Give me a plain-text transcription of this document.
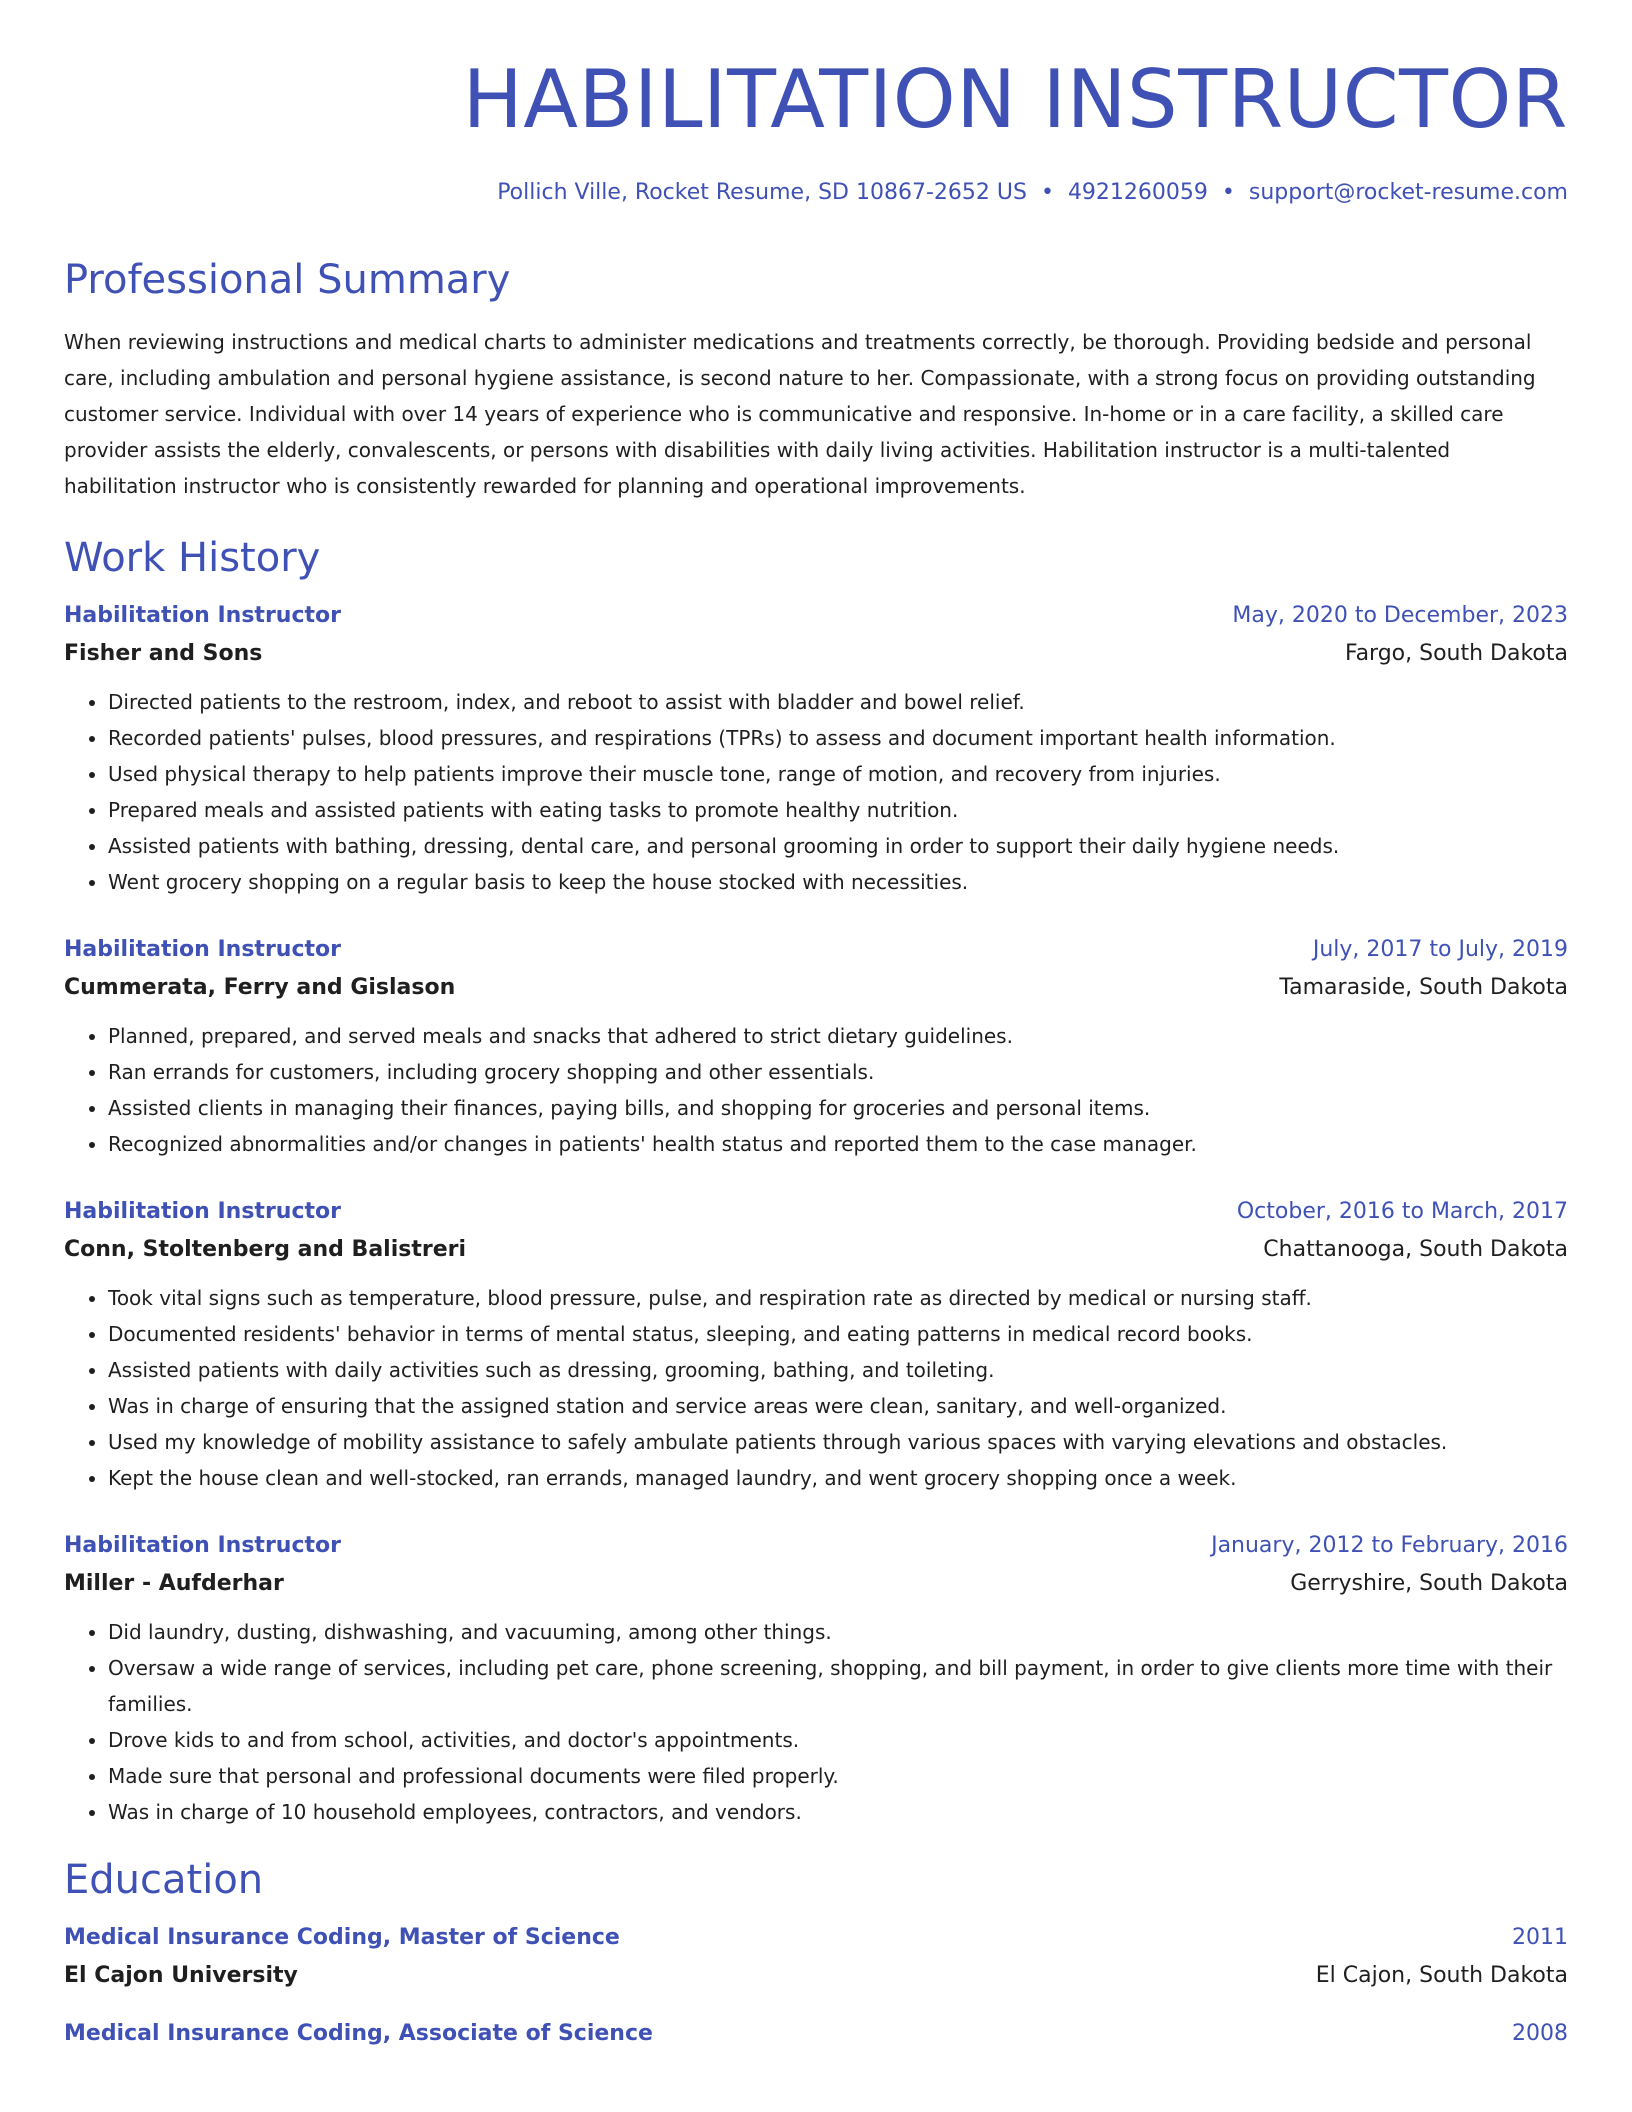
HABILITATION INSTRUCTOR
Pollich Ville, Rocket Resume, SD 10867-2652 US • 4921260059 • support@rocket-resume.com
Professional Summary
When reviewing instructions and medical charts to administer medications and treatments correctly, be thorough. Providing bedside and personal care, including ambulation and personal hygiene assistance, is second nature to her. Compassionate, with a strong focus on providing outstanding customer service. Individual with over 14 years of experience who is communicative and responsive. In-home or in a care facility, a skilled care provider assists the elderly, convalescents, or persons with disabilities with daily living activities. Habilitation instructor is a multi-talented habilitation instructor who is consistently rewarded for planning and operational improvements.
Work History
Habilitation Instructor	May, 2020 to December, 2023
Fisher and Sons	Fargo, South Dakota
• Directed patients to the restroom, index, and reboot to assist with bladder and bowel relief.
• Recorded patients' pulses, blood pressures, and respirations (TPRs) to assess and document important health information.
• Used physical therapy to help patients improve their muscle tone, range of motion, and recovery from injuries.
• Prepared meals and assisted patients with eating tasks to promote healthy nutrition.
• Assisted patients with bathing, dressing, dental care, and personal grooming in order to support their daily hygiene needs.
• Went grocery shopping on a regular basis to keep the house stocked with necessities.
Habilitation Instructor	July, 2017 to July, 2019
Cummerata, Ferry and Gislason	Tamaraside, South Dakota
• Planned, prepared, and served meals and snacks that adhered to strict dietary guidelines.
• Ran errands for customers, including grocery shopping and other essentials.
• Assisted clients in managing their finances, paying bills, and shopping for groceries and personal items.
• Recognized abnormalities and/or changes in patients' health status and reported them to the case manager.
Habilitation Instructor	October, 2016 to March, 2017
Conn, Stoltenberg and Balistreri	Chattanooga, South Dakota
• Took vital signs such as temperature, blood pressure, pulse, and respiration rate as directed by medical or nursing staff.
• Documented residents' behavior in terms of mental status, sleeping, and eating patterns in medical record books.
• Assisted patients with daily activities such as dressing, grooming, bathing, and toileting.
• Was in charge of ensuring that the assigned station and service areas were clean, sanitary, and well-organized.
• Used my knowledge of mobility assistance to safely ambulate patients through various spaces with varying elevations and obstacles.
• Kept the house clean and well-stocked, ran errands, managed laundry, and went grocery shopping once a week.
Habilitation Instructor	January, 2012 to February, 2016
Miller - Aufderhar	Gerryshire, South Dakota
• Did laundry, dusting, dishwashing, and vacuuming, among other things.
• Oversaw a wide range of services, including pet care, phone screening, shopping, and bill payment, in order to give clients more time with their families.
• Drove kids to and from school, activities, and doctor's appointments.
• Made sure that personal and professional documents were filed properly.
• Was in charge of 10 household employees, contractors, and vendors.
Education
Medical Insurance Coding, Master of Science	2011
El Cajon University	El Cajon, South Dakota
Medical Insurance Coding, Associate of Science	2008
